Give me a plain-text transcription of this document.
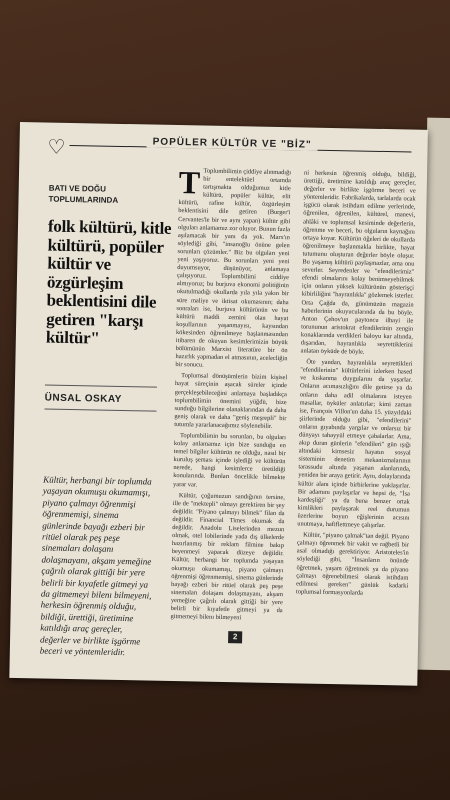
♡	POPÜLER KÜLTÜR VE "BİZ"
BATI VE DOĞU TOPLUMLARINDA
folk kültürü, kitle kültürü, popüler kültür ve özgürleşim beklentisini dile getiren "karşı kültür"
ÜNSAL OSKAY
Kültür, herbangi bir toplumda yaşayan okumuşu okumamışı, piyano çalmayı öğrenmişi öğrenmemişi, sinema günlerinde bayağı ezberi bir ritüel olarak peş peşe sinemaları dolaşanı dolaşmayanı, akşam yemeğine çağrılı olarak gittiği bir yere belirli bir kıyafetle gitmeyi ya da gitmemeyi bilenı bilmeyeni, herkesin öğrenmiş olduğu, bildiği, ürettiği, üretimine katıldığı araç gereçler, değerler ve birlikte işgörme beceri ve yöntemleridir.

T Toplumbilimin çiddiye alınmadığı bir entelektüel ortamda tartışmakta olduğumuz kitle kültürü, popüler kültür, elit kültürü, rafine kültür, özgürleşim beklentisini dile getiren (Burger'i Cervantes'le bir ve aynı yapan) kültür gibi olguları anlamamız zor oluyor. Bunun fazla aşılamacak bir yanı da yok. Marx'ın söylediği gibi, "insanoğlu önüne gelen sorunları çözümler." Biz bu olguları yeni yeni yaşıyoruz. Bu sorunları yeni yeni duyumsuyor, düşünüyor, anlamaya çalışıyoruz. Toplumbilimi ciddiye almıyoruz; bu burjuva ekonomi politiğinin okutulmadığı okullarda yıla yıla yakın bir süre maliye ve iktisat okumasının; daha sonraları ise, burjuva kültürünün ve bu kültürü maddi zemini olan hayat koşullarının yaşanmayısı, kaysından kökesinden öğrenilmeye başlanmasından itibaren de okuyan kesimlerimizin büyük bölümünün Marxist literatüre bir ön hazırlık yapmadan el atmasının, acelecliğin bir sonucu.

Toplumsal dönüşümlerin bizim kişisel hayat süreçinin aşacak süreler içinde gerçekleşebileceğini anlamaya başladıkça toplumbilimin önemini yüğdü, bize sunduğu bilgilerine olanaklarından da daha geniş olarak ve daha "geniş meşrepli" bir tutumla yararlanacağımız söylenebilir.

Toplumbilimin bu sorunları, bu olguları kolay anlamamız için bize sunduğu en temel bilgiler kültürün ne olduğu, nasıl bir kuruluş şeması içinde işlediği ve kültürün nerede, hangi kesimlerce üretildiği konularında. Bunları öncelikle bilmekte yarar var.

Kültür, çoğumuzun sandığının tersine, ille de "mektepli" olmayı gerektiren bir şey değildir. "Piyano çalmayı bilmek" filan da değildir. Financial Times okumak da değildir. Anadolu Liselerinden mezun olmak, otel lobilerinde yada dış ülkelerde hazırlanmış bir reklam filmine bakıp beyenmeyi yapacak düzeye değildir. Kültür, herbangi bir toplumda yaşayan okumuşu okumamışı, piyano çalmayı öğrenmişi öğrenmemişi, sinema günlerinde bayağı ezberi bir ritüel olarak peş peşe sinemaları dolaşanı dolaşmayanı, akşam yemeğine çağrılı olarak gittiği bir yere belirli bir kıyafetle gitmeyi ya da gitmemeyi bilenı bilmeyeni

ni herkesin öğrenmiş olduğu, bildiği, ürettiği, üretimine katıldığı araç gereçler, değerler ve birlikte işgörme beceri ve yöntemleridir. Fabrikalarda, tarlalarda ocak işgücü olarak istihdam edilme yerlerinde, öğrenilen, öğrenilen, kültürel, manevi, ahlâki ve toplumsal kesiminde değerlerin, öğrenme ve beceri, bu olguların kaynağını ortaya koyar. Kültürün öğeleri de okullarda öğrenilmeye başlanmakla birlikte, hayat tutumunu oluşturan değerler böyle oluşur. Bu yaşamış kültürü paylaşmazlar, ama onu severler. Seyredenler ve "efendilerimiz" efendi olmalarını kolay benimseyebilmek için onların yüksek kültürünün gösterişçi kibirliliğini "hayranlıkla" gözlemek isterler. Orta Çağda da, günümüzün magazin haberlerinin okuyucularında da bu böyle. Anton Çehov'un paytoncu ilhayi ile torununun aristokrat efendilerinin zengin konaklarında verdikleri baloyu kar altında, dışarıdan, hayranlıkla seyrettiklerini anlatan öyküde de böyle.

Öte yandan, hayranlıkla seyrettikleri "efendilerinin" kültürlerini izlerken hased ve kıskanma duygularını da yaşarlar. Onların acımasızlığını dile getirse ya da onların daha adil olmalarını isteyen masallar, öyküler anlatırlar; kimi zaman ise, François Villon'un daha 15. yüzyıldaki şiirlerinde olduğu gibi, "efendilerini" onların gıyabında yargılar ve onlarsız bir dünyayı tahayyül etmeye çabalarlar. Ama, akıp duran günlerin "efendileri" gün ışığı altındaki kimsesiz hayatın sosyal sisteminin denetim mekanizmalarının tarassudu altında yaşanan alanlarında, yeniden bir araya getirir. Aynı, dolaylarında kültür alanı içinde birbirlerine yaklaşırlar. Bir adamını paylaşırlar ve hepsi de, "İsa kardeşliği" ya da buna benzer ortak kimlikleri paylaşarak reel durumun üzerlerine boyun eğişlerinin acısını unutmaya, hafiflettmeye çalışırlar.

Kültür, "piyano çalmak"tan değil. Piyano çalmayı öğrenmek bir vakit ve rağbetli bir asal olmadığı gerektiriyor. Aristoteles'in söylediği gibi, "İnsanların önünde öğretmek, yaşam öğretmek ya da piyano çalmayı öğrenebilmesi olarak istihdam edilmesi gereken" günlük kadarki toplumsal formasyonlarda

2
